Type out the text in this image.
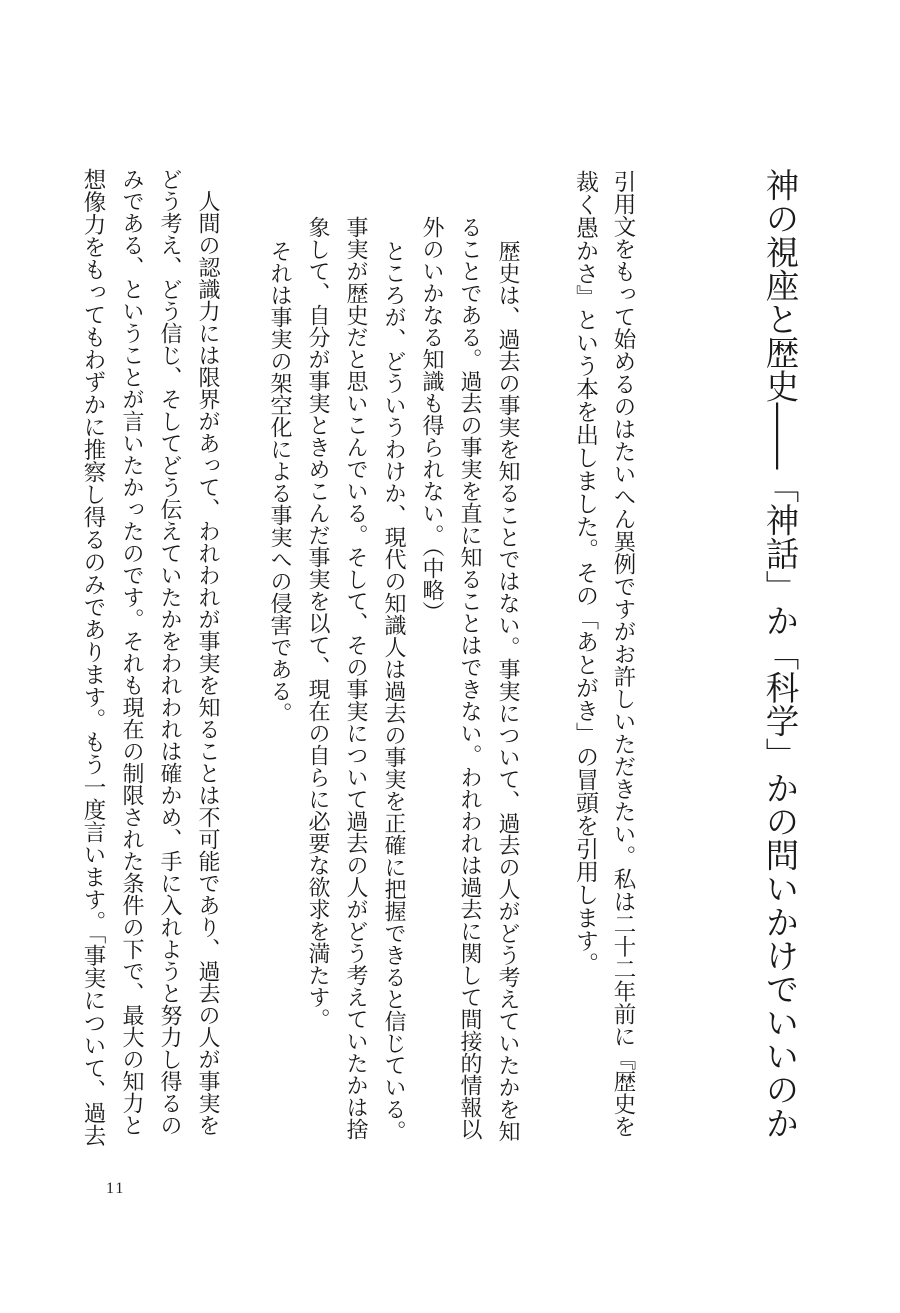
神の視座と歴史――「神話」か「科学」かの問いかけでいいのか
引用文をもって始めるのはたいへん異例ですがお許しいただきたい。私は二十二年前に『歴史を
裁く愚かさ』という本を出しました。その「あとがき」の冒頭を引用します。
歴史は、過去の事実を知ることではない。事実について、過去の人がどう考えていたかを知
ることである。過去の事実を直に知ることはできない。われわれは過去に関して間接的情報以
外のいかなる知識も得られない。（中略）
ところが、どういうわけか、現代の知識人は過去の事実を正確に把握できると信じている。
事実が歴史だと思いこんでいる。そして、その事実について過去の人がどう考えていたかは捨
象して、自分が事実ときめこんだ事実を以て、現在の自らに必要な欲求を満たす。
それは事実の架空化による事実への侵害である。
人間の認識力には限界があって、われわれが事実を知ることは不可能であり、過去の人が事実を
どう考え、どう信じ、そしてどう伝えていたかをわれわれは確かめ、手に入れようと努力し得るの
みである、ということが言いたかったのです。それも現在の制限された条件の下で、最大の知力と
想像力をもってもわずかに推察し得るのみであります。もう一度言います。「事実について、過去
11
